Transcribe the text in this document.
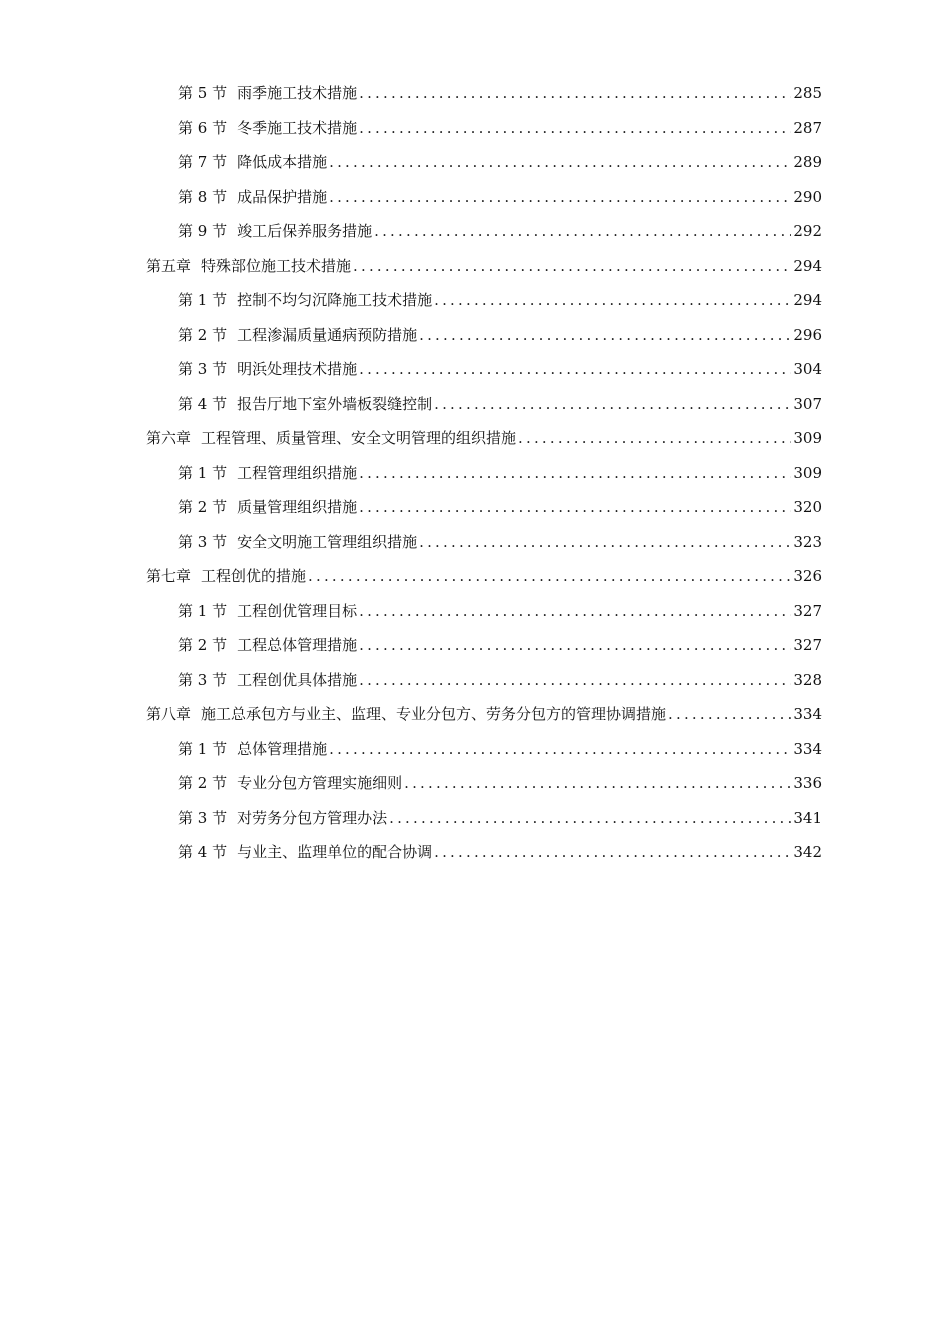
第 5 节 雨季施工技术措施 .....	285
第 6 节 冬季施工技术措施 .....	287
第 7 节 降低成本措施 .....	289
第 8 节 成品保护措施 .....	290
第 9 节 竣工后保养服务措施 .....	292
第五章 特殊部位施工技术措施 .....	294
第 1 节 控制不均匀沉降施工技术措施 .....	294
第 2 节 工程渗漏质量通病预防措施 .....	296
第 3 节 明浜处理技术措施 .....	304
第 4 节 报告厅地下室外墙板裂缝控制 .....	307
第六章 工程管理、质量管理、安全文明管理的组织措施 .....	309
第 1 节 工程管理组织措施 .....	309
第 2 节 质量管理组织措施 .....	320
第 3 节 安全文明施工管理组织措施 .....	323
第七章 工程创优的措施 .....	326
第 1 节 工程创优管理目标 .....	327
第 2 节 工程总体管理措施 .....	327
第 3 节 工程创优具体措施 .....	328
第八章 施工总承包方与业主、监理、专业分包方、劳务分包方的管理协调措施 .....	334
第 1 节 总体管理措施 .....	334
第 2 节 专业分包方管理实施细则 .....	336
第 3 节 对劳务分包方管理办法 .....	341
第 4 节 与业主、监理单位的配合协调 .....	342
